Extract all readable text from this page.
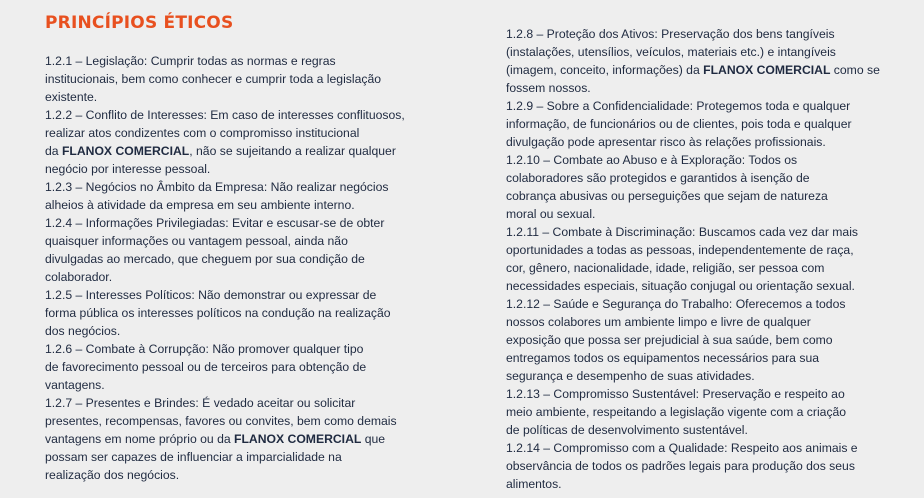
PRINCÍPIOS ÉTICOS

1.2.1 – Legislação: Cumprir todas as normas e regras

institucionais, bem como conhecer e cumprir toda a legislação

existente.

1.2.2 – Conflito de Interesses: Em caso de interesses conflituosos,

realizar atos condizentes com o compromisso institucional

da FLANOX COMERCIAL, não se sujeitando a realizar qualquer

negócio por interesse pessoal.

1.2.3 – Negócios no Âmbito da Empresa: Não realizar negócios

alheios à atividade da empresa em seu ambiente interno.

1.2.4 – Informações Privilegiadas: Evitar e escusar-se de obter

quaisquer informações ou vantagem pessoal, ainda não

divulgadas ao mercado, que cheguem por sua condição de

colaborador.

1.2.5 – Interesses Políticos: Não demonstrar ou expressar de

forma pública os interesses políticos na condução na realização

dos negócios.

1.2.6 – Combate à Corrupção: Não promover qualquer tipo

de favorecimento pessoal ou de terceiros para obtenção de

vantagens.

1.2.7 – Presentes e Brindes: É vedado aceitar ou solicitar

presentes, recompensas, favores ou convites, bem como demais

vantagens em nome próprio ou da FLANOX COMERCIAL que

possam ser capazes de influenciar a imparcialidade na

realização dos negócios.

1.2.8 – Proteção dos Ativos: Preservação dos bens tangíveis

(instalações, utensílios, veículos, materiais etc.) e intangíveis

(imagem, conceito, informações) da FLANOX COMERCIAL como se

fossem nossos.

1.2.9 – Sobre a Confidencialidade: Protegemos toda e qualquer

informação, de funcionários ou de clientes, pois toda e qualquer

divulgação pode apresentar risco às relações profissionais.

1.2.10 – Combate ao Abuso e à Exploração: Todos os

colaboradores são protegidos e garantidos à isenção de

cobrança abusivas ou perseguições que sejam de natureza

moral ou sexual.

1.2.11 – Combate à Discriminação: Buscamos cada vez dar mais

oportunidades a todas as pessoas, independentemente de raça,

cor, gênero, nacionalidade, idade, religião, ser pessoa com

necessidades especiais, situação conjugal ou orientação sexual.

1.2.12 – Saúde e Segurança do Trabalho: Oferecemos a todos

nossos colabores um ambiente limpo e livre de qualquer

exposição que possa ser prejudicial à sua saúde, bem como

entregamos todos os equipamentos necessários para sua

segurança e desempenho de suas atividades.

1.2.13 – Compromisso Sustentável: Preservação e respeito ao

meio ambiente, respeitando a legislação vigente com a criação

de políticas de desenvolvimento sustentável.

1.2.14 – Compromisso com a Qualidade: Respeito aos animais e

observância de todos os padrões legais para produção dos seus

alimentos.
